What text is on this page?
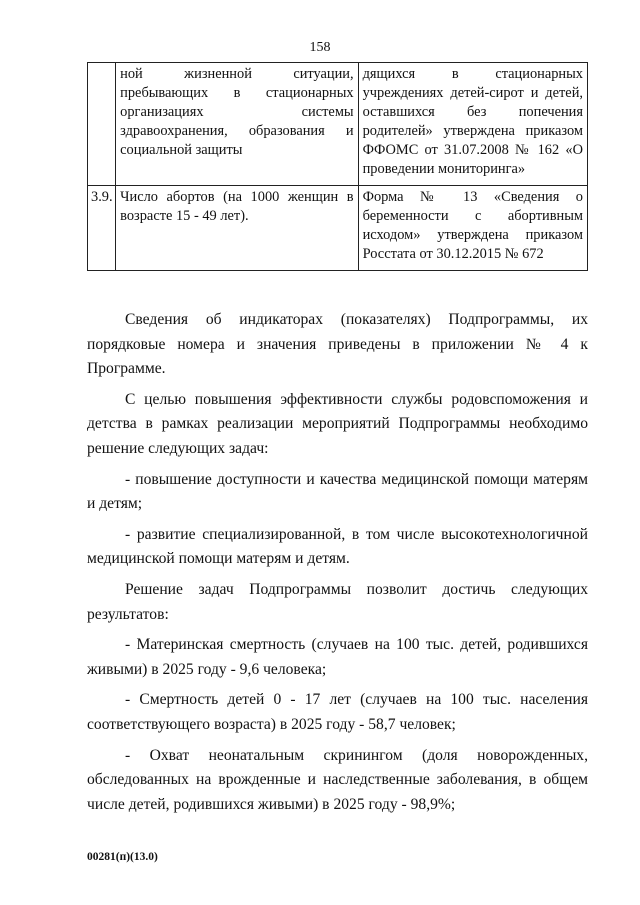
158
	ной жизненной ситуации, пребывающих в стационарных организациях системы здравоохранения, образования и социальной защиты	дящихся в стационарных учреждениях детей-сирот и детей, оставшихся без попечения родителей» утверждена приказом ФФОМС от 31.07.2008 № 162 «О проведении мониторинга»
3.9.	Число абортов (на 1000 женщин в возрасте 15 - 49 лет).	Форма № 13 «Сведения о беременности с абортивным исходом» утверждена приказом Росстата от 30.12.2015 № 672

Сведения об индикаторах (показателях) Подпрограммы, их порядковые номера и значения приведены в приложении № 4 к Программе.

С целью повышения эффективности службы родовспоможения и детства в рамках реализации мероприятий Подпрограммы необходимо решение следующих задач:

- повышение доступности и качества медицинской помощи матерям и детям;

- развитие специализированной, в том числе высокотехнологичной медицинской помощи матерям и детям.

Решение задач Подпрограммы позволит достичь следующих результатов:

- Материнская смертность (случаев на 100 тыс. детей, родившихся живыми) в 2025 году - 9,6 человека;

- Смертность детей 0 - 17 лет (случаев на 100 тыс. населения соответствующего возраста) в 2025 году - 58,7 человек;

- Охват неонатальным скринингом (доля новорожденных, обследованных на врожденные и наследственные заболевания, в общем числе детей, родившихся живыми) в 2025 году - 98,9%;

00281(п)(13.0)
